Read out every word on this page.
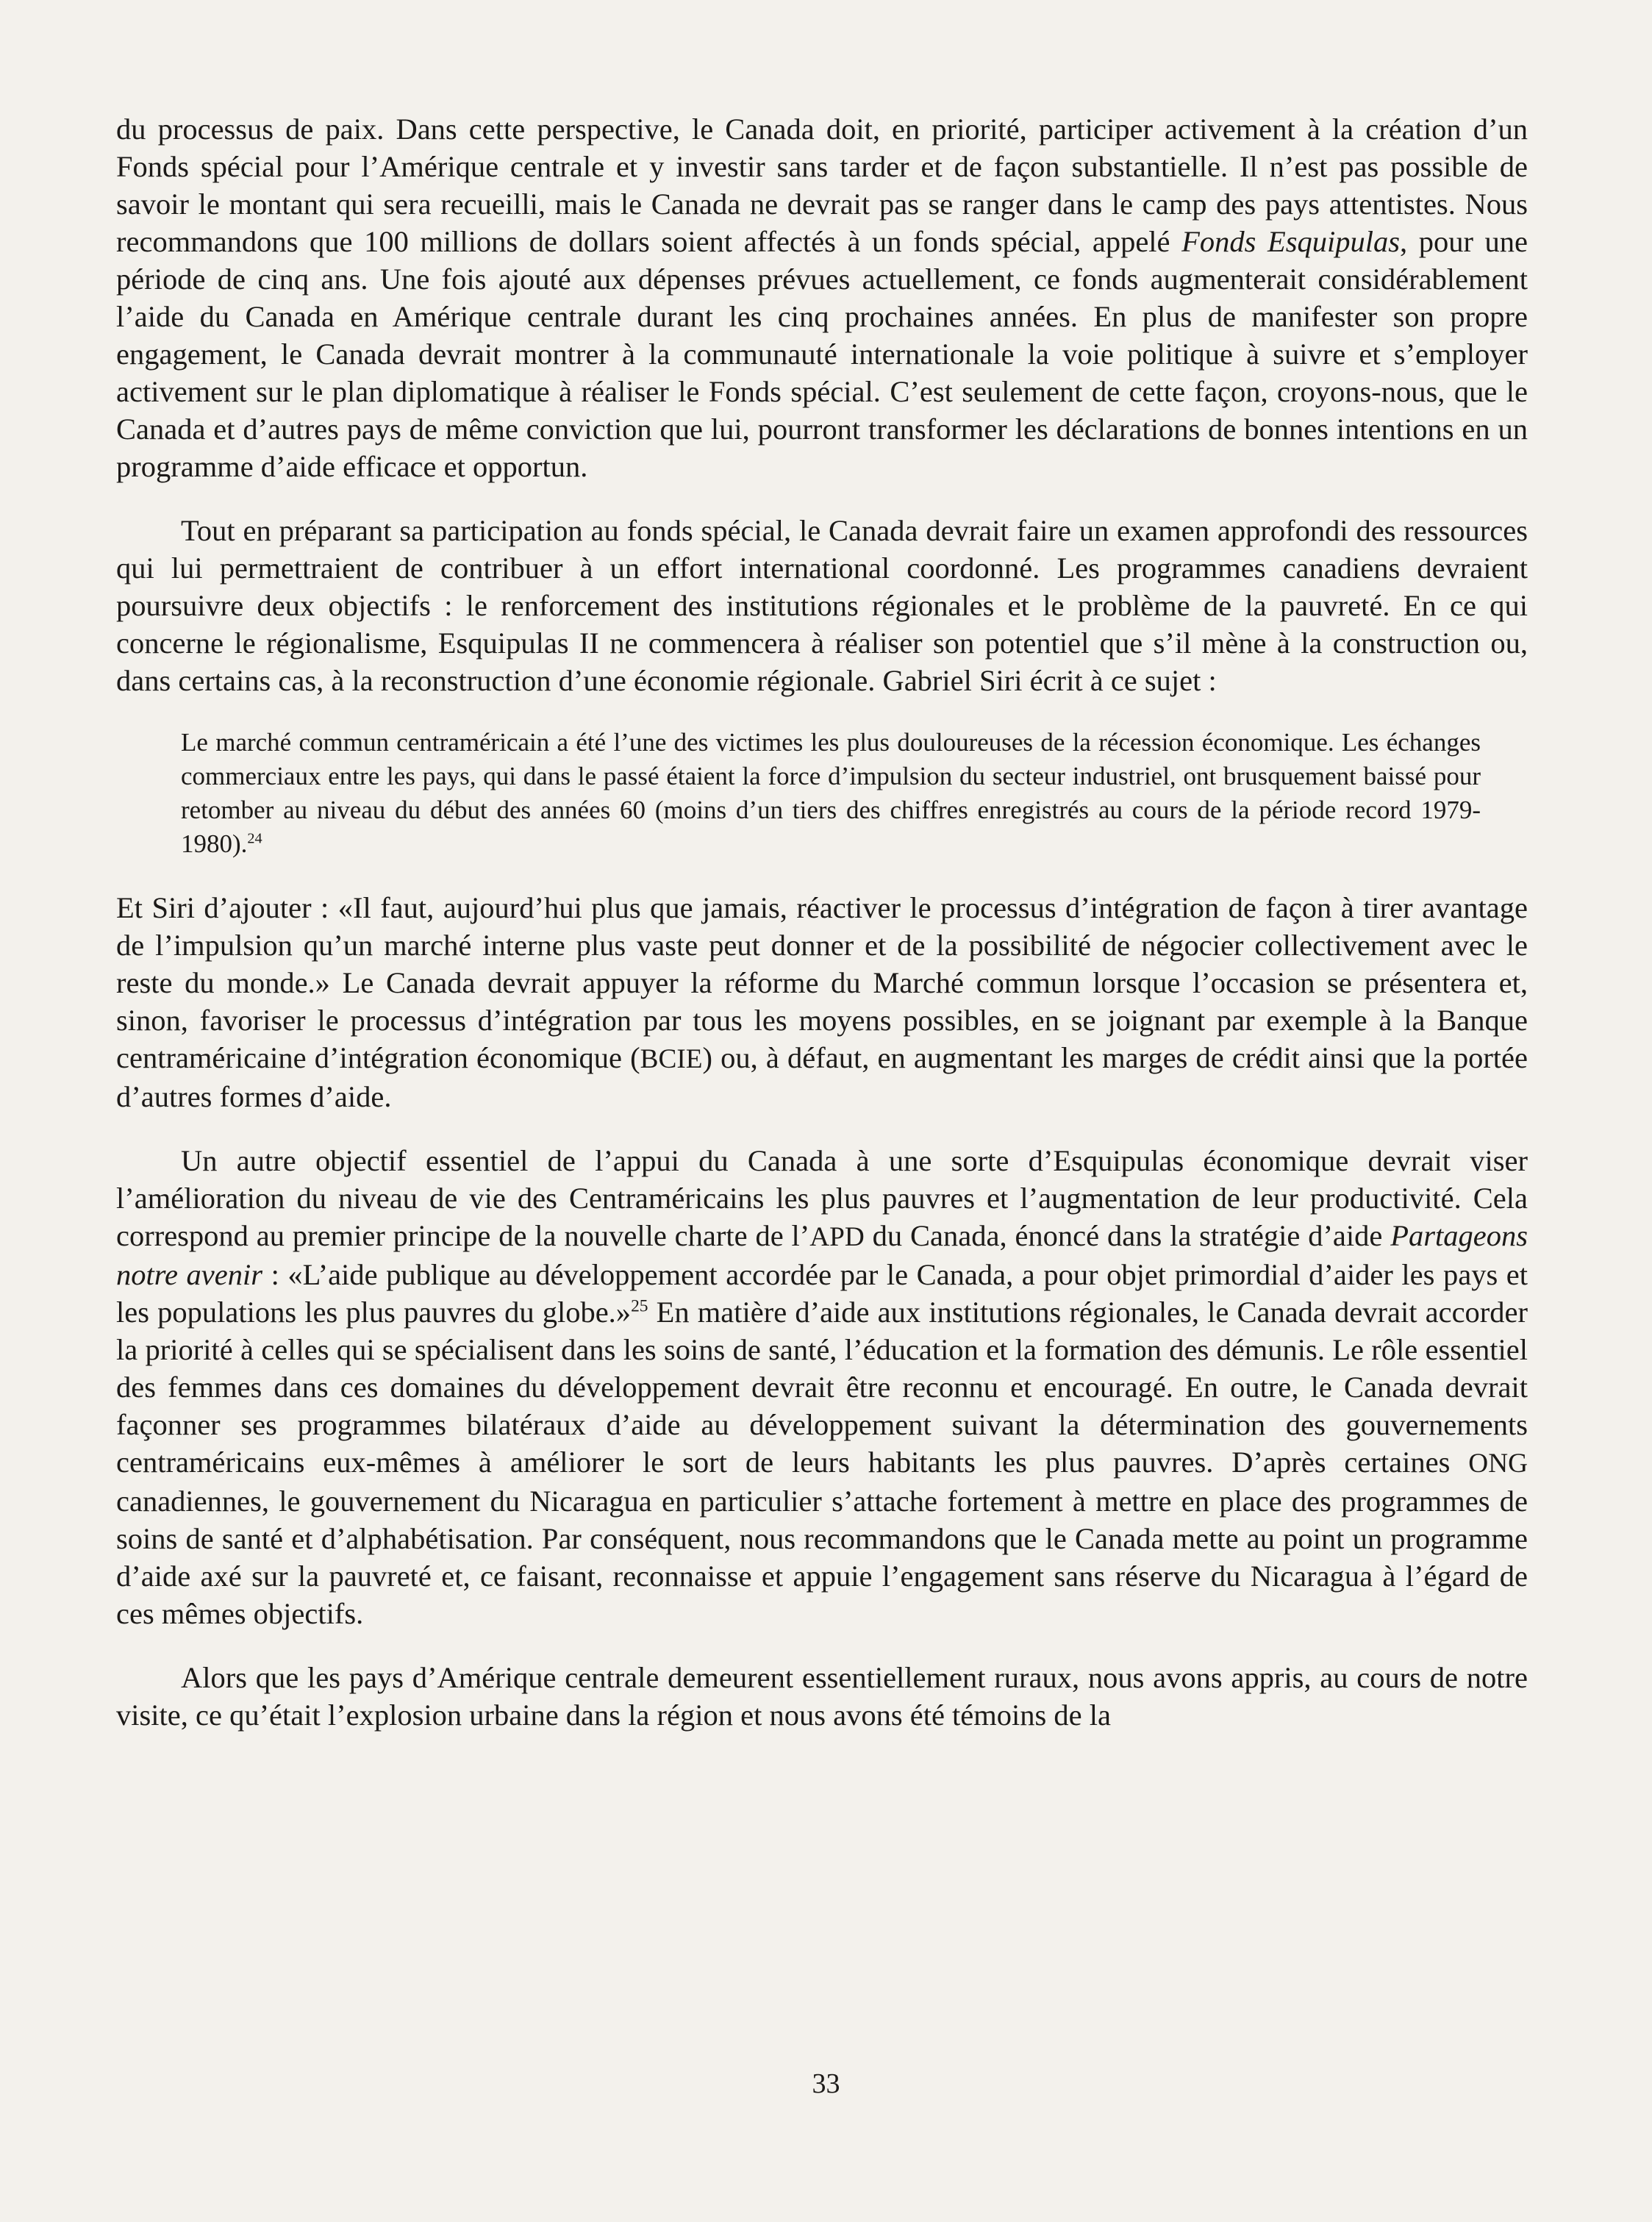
du processus de paix. Dans cette perspective, le Canada doit, en priorité, participer activement à la création d’un Fonds spécial pour l’Amérique centrale et y investir sans tarder et de façon substantielle. Il n’est pas possible de savoir le montant qui sera recueilli, mais le Canada ne devrait pas se ranger dans le camp des pays attentistes. Nous recommandons que 100 millions de dollars soient affectés à un fonds spécial, appelé Fonds Esquipulas, pour une période de cinq ans. Une fois ajouté aux dépenses prévues actuellement, ce fonds augmenterait considérablement l’aide du Canada en Amérique centrale durant les cinq prochaines années. En plus de manifester son propre engagement, le Canada devrait montrer à la communauté internationale la voie politique à suivre et s’employer activement sur le plan diplomatique à réaliser le Fonds spécial. C’est seulement de cette façon, croyons-nous, que le Canada et d’autres pays de même conviction que lui, pourront transformer les déclarations de bonnes intentions en un programme d’aide efficace et opportun.

Tout en préparant sa participation au fonds spécial, le Canada devrait faire un examen approfondi des ressources qui lui permettraient de contribuer à un effort international coordonné. Les programmes canadiens devraient poursuivre deux objectifs : le renforcement des institutions régionales et le problème de la pauvreté. En ce qui concerne le régionalisme, Esquipulas II ne commencera à réaliser son potentiel que s’il mène à la construction ou, dans certains cas, à la reconstruction d’une économie régionale. Gabriel Siri écrit à ce sujet :

Le marché commun centraméricain a été l’une des victimes les plus douloureuses de la récession économique. Les échanges commerciaux entre les pays, qui dans le passé étaient la force d’impulsion du secteur industriel, ont brusquement baissé pour retomber au niveau du début des années 60 (moins d’un tiers des chiffres enregistrés au cours de la période record 1979-1980).$^{24}$

Et Siri d’ajouter : «Il faut, aujourd’hui plus que jamais, réactiver le processus d’intégration de façon à tirer avantage de l’impulsion qu’un marché interne plus vaste peut donner et de la possibilité de négocier collectivement avec le reste du monde.» Le Canada devrait appuyer la réforme du Marché commun lorsque l’occasion se présentera et, sinon, favoriser le processus d’intégration par tous les moyens possibles, en se joignant par exemple à la Banque centraméricaine d’intégration économique (BCIE) ou, à défaut, en augmentant les marges de crédit ainsi que la portée d’autres formes d’aide.

Un autre objectif essentiel de l’appui du Canada à une sorte d’Esquipulas économique devrait viser l’amélioration du niveau de vie des Centraméricains les plus pauvres et l’augmentation de leur productivité. Cela correspond au premier principe de la nouvelle charte de l’APD du Canada, énoncé dans la stratégie d’aide Partageons notre avenir : «L’aide publique au développement accordée par le Canada, a pour objet primordial d’aider les pays et les populations les plus pauvres du globe.»$^{25}$ En matière d’aide aux institutions régionales, le Canada devrait accorder la priorité à celles qui se spécialisent dans les soins de santé, l’éducation et la formation des démunis. Le rôle essentiel des femmes dans ces domaines du développement devrait être reconnu et encouragé. En outre, le Canada devrait façonner ses programmes bilatéraux d’aide au développement suivant la détermination des gouvernements centraméricains eux-mêmes à améliorer le sort de leurs habitants les plus pauvres. D’après certaines ONG canadiennes, le gouvernement du Nicaragua en particulier s’attache fortement à mettre en place des programmes de soins de santé et d’alphabétisation. Par conséquent, nous recommandons que le Canada mette au point un programme d’aide axé sur la pauvreté et, ce faisant, reconnaisse et appuie l’engagement sans réserve du Nicaragua à l’égard de ces mêmes objectifs.

Alors que les pays d’Amérique centrale demeurent essentiellement ruraux, nous avons appris, au cours de notre visite, ce qu’était l’explosion urbaine dans la région et nous avons été témoins de la

33
